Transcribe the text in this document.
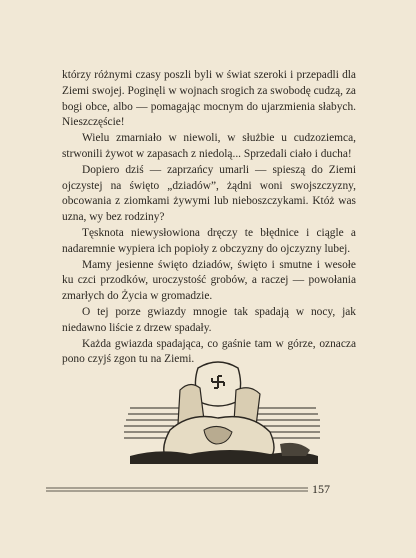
którzy różnymi czasy poszli byli w świat szeroki i przepadli dla Ziemi swojej. Poginęli w wojnach srogich za swobodę cudzą, za bogi obce, albo — pomagając mocnym do ujarzmienia słabych. Nieszczęście!

Wielu zmarniało w niewoli, w służbie u cudzoziemca, strwonili żywot w zapasach z niedolą... Sprzedali ciało i ducha!

Dopiero dziś — zaprzańcy umarli — spieszą do Ziemi ojczystej na święto „dziadów”, żądni woni swojszczyzny, obcowania z ziomkami żywymi lub nieboszczykami. Któż was uzna, wy bez rodziny?

Tęsknota niewysłowiona dręczy te błędnice i ciągle a nadaremnie wypiera ich popioły z obczyzny do ojczyzny lubej.

Mamy jesienne święto dziadów, święto i smutne i wesołe ku czci przodków, uroczystość grobów, a raczej — powołania zmarłych do Życia w gromadzie.

O tej porze gwiazdy mnogie tak spadają w nocy, jak niedawno liście z drzew spadały.

Każda gwiazda spadająca, co gaśnie tam w górze, oznacza pono czyjś zgon tu na Ziemi.

157
